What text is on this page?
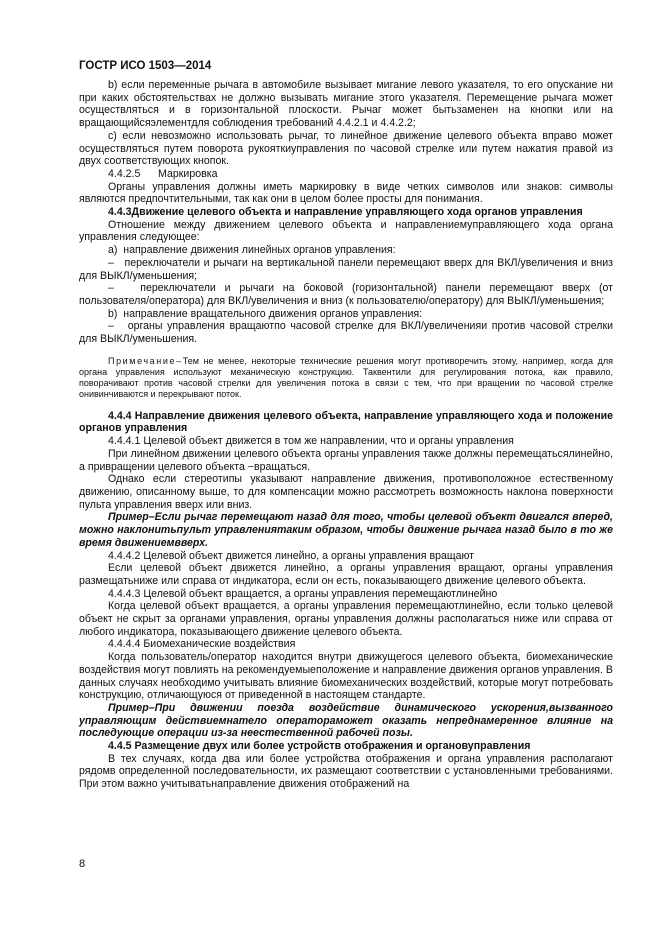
ГОСТР ИСО 1503—2014

b) если переменные рычага в автомобиле вызывает мигание левого указателя, то его опускание ни при каких обстоятельствах не должно вызывать мигание этого указателя. Перемещение рычага может осуществляться и в горизонтальной плоскости. Рычаг может бытьзаменен на кнопки или на вращающийсяэлементдля соблюдения требований 4.4.2.1 и 4.4.2.2;

с) если невозможно использовать рычаг, то линейное движение целевого объекта вправо может осуществляться путем поворота рукояткиуправления по часовой стрелке или путем нажатия правой из двух соответствующих кнопок.

4.4.2.5      Маркировка

Органы управления должны иметь маркировку в виде четких символов или знаков: символы являются предпочтительными, так как они в целом более просты для понимания.

4.4.3Движение целевого объекта и направление управляющего хода органов управления

Отношение между движением целевого объекта и направлениемуправляющего хода органа управления следующее:

а)  направление движения линейных органов управления:

–   переключатели и рычаги на вертикальной панели перемещают вверх для ВКЛ/увеличения и вниз для ВЫКЛ/уменьшения;

–   переключатели и рычаги на боковой (горизонтальной) панели перемещают вверх (от пользователя/оператора) для ВКЛ/увеличения и вниз (к пользователю/оператору) для ВЫКЛ/уменьшения;

b)  направление вращательного движения органов управления:

–   органы управления вращаютпо часовой стрелке для ВКЛ/увеличенияи против часовой стрелки для ВЫКЛ/уменьшения.

Примечание–Тем не менее, некоторые технические решения могут противоречить этому, например, когда для органа управления используют механическую конструкцию. Таквентили для регулирования потока, как правило, поворачивают против часовой стрелки для увеличения потока в связи с тем, что при вращении по часовой стрелке онивинчиваются и перекрывают поток.

4.4.4 Направление движения целевого объекта, направление управляющего хода и положение органов управления

4.4.4.1 Целевой объект движется в том же направлении, что и органы управления

При линейном движении целевого объекта органы управления также должны перемещатьсялинейно, а привращении целевого объекта −вращаться.

Однако если стереотипы указывают направление движения, противоположное естественному движению, описанному выше, то для компенсации можно рассмотреть возможность наклона поверхности пульта управления вверх или вниз.

Пример–Если рычаг перемещают назад для того, чтобы целевой объект двигался вперед, можно наклонитьпульт управлениятаким образом, чтобы движение рычага назад было в то же время движениемвверх.

4.4.4.2 Целевой объект движется линейно, а органы управления вращают

Если целевой объект движется линейно, а органы управления вращают, органы управления размещатьниже или справа от индикатора, если он есть, показывающего движение целевого объекта.

4.4.4.3 Целевой объект вращается, а органы управления перемещаютлинейно

Когда целевой объект вращается, а органы управления перемещаютлинейно, если только целевой объект не скрыт за органами управления, органы управления должны располагаться ниже или справа от любого индикатора, показывающего движение целевого объекта.

4.4.4.4 Биомеханические воздействия

Когда пользователь/оператор находится внутри движущегося целевого объекта, биомеханические воздействия могут повлиять на рекомендуемыеположение и направление движения органов управления. В данных случаях необходимо учитывать влияние биомеханических воздействий, которые могут потребовать конструкцию, отличающуюся от приведенной в настоящем стандарте.

Пример–При движении поезда воздействие динамического ускорения,вызванного управляющим действиемнатело оператораможет оказать непреднамеренное влияние на последующие операции из-за неестественной рабочей позы.

4.4.5 Размещение двух или более устройств отображения и органовуправления

В тех случаях, когда два или более устройства отображения и органа управления располагают рядомв определенной последовательности, их размещают соответствии с установленными требованиями. При этом важно учитыватьнаправление движения отображений на

8
